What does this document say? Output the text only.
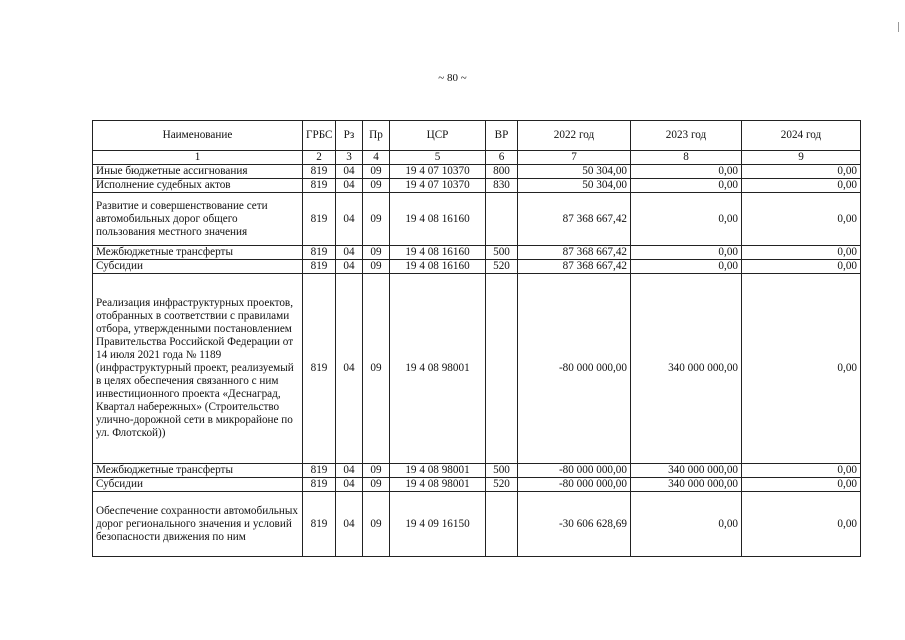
~ 80 ~
Наименование	ГРБС	Рз	Пр	ЦСР	ВР	2022 год	2023 год	2024 год
1	2	3	4	5	6	7	8	9
Иные бюджетные ассигнования	819	04	09	19 4 07 10370	800	50 304,00	0,00	0,00
Исполнение судебных актов	819	04	09	19 4 07 10370	830	50 304,00	0,00	0,00
Развитие и совершенствование сети автомобильных дорог общего пользования местного значения	819	04	09	19 4 08 16160		87 368 667,42	0,00	0,00
Межбюджетные трансферты	819	04	09	19 4 08 16160	500	87 368 667,42	0,00	0,00
Субсидии	819	04	09	19 4 08 16160	520	87 368 667,42	0,00	0,00
Реализация инфраструктурных проектов, отобранных в соответствии с правилами отбора, утвержденными постановлением Правительства Российской Федерации от 14 июля 2021 года № 1189 (инфраструктурный проект, реализуемый в целях обеспечения связанного с ним инвестиционного проекта «Деснаград, Квартал набережных» (Строительство улично-дорожной сети в микрорайоне по ул. Флотской))	819	04	09	19 4 08 98001		-80 000 000,00	340 000 000,00	0,00
Межбюджетные трансферты	819	04	09	19 4 08 98001	500	-80 000 000,00	340 000 000,00	0,00
Субсидии	819	04	09	19 4 08 98001	520	-80 000 000,00	340 000 000,00	0,00
Обеспечение сохранности автомобильных дорог регионального значения и условий безопасности движения по ним	819	04	09	19 4 09 16150		-30 606 628,69	0,00	0,00
